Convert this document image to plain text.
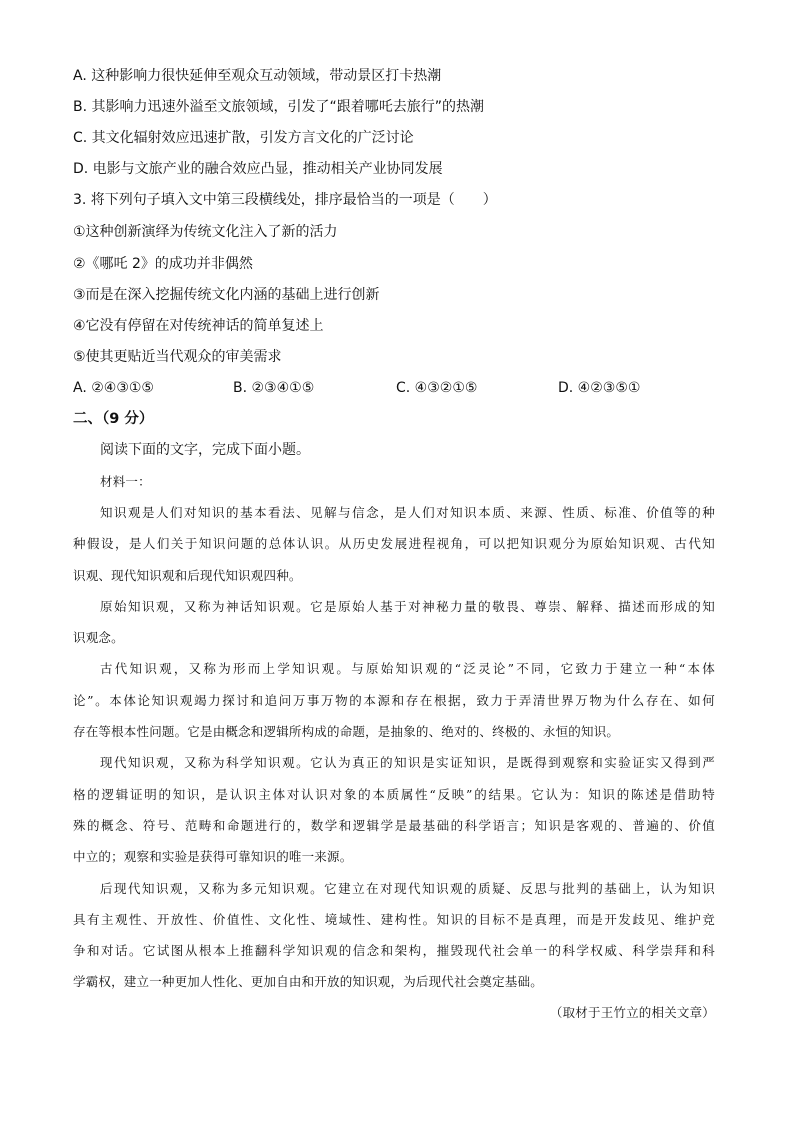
A. 这种影响力很快延伸至观众互动领域，带动景区打卡热潮
B. 其影响力迅速外溢至文旅领域，引发了“跟着哪吒去旅行”的热潮
C. 其文化辐射效应迅速扩散，引发方言文化的广泛讨论
D. 电影与文旅产业的融合效应凸显，推动相关产业协同发展
3. 将下列句子填入文中第三段横线处，排序最恰当的一项是（　　）
①这种创新演绎为传统文化注入了新的活力
②《哪吒 2》的成功并非偶然
③而是在深入挖掘传统文化内涵的基础上进行创新
④它没有停留在对传统神话的简单复述上
⑤使其更贴近当代观众的审美需求
A. ②④③①⑤	B. ②③④①⑤	C. ④③②①⑤	D. ④②③⑤①
二、（9 分）
阅读下面的文字，完成下面小题。
材料一：
知识观是人们对知识的基本看法、见解与信念，是人们对知识本质、来源、性质、标准、价值等的种
种假设，是人们关于知识问题的总体认识。从历史发展进程视角，可以把知识观分为原始知识观、古代知
识观、现代知识观和后现代知识观四种。
原始知识观，又称为神话知识观。它是原始人基于对神秘力量的敬畏、尊崇、解释、描述而形成的知
识观念。
古代知识观，又称为形而上学知识观。与原始知识观的“泛灵论”不同，它致力于建立一种“本体
论”。本体论知识观竭力探讨和追问万事万物的本源和存在根据，致力于弄清世界万物为什么存在、如何
存在等根本性问题。它是由概念和逻辑所构成的命题，是抽象的、绝对的、终极的、永恒的知识。
现代知识观，又称为科学知识观。它认为真正的知识是实证知识，是既得到观察和实验证实又得到严
格的逻辑证明的知识，是认识主体对认识对象的本质属性“反映”的结果。它认为：知识的陈述是借助特
殊的概念、符号、范畴和命题进行的，数学和逻辑学是最基础的科学语言；知识是客观的、普遍的、价值
中立的；观察和实验是获得可靠知识的唯一来源。
后现代知识观，又称为多元知识观。它建立在对现代知识观的质疑、反思与批判的基础上，认为知识
具有主观性、开放性、价值性、文化性、境域性、建构性。知识的目标不是真理，而是开发歧见、维护竞
争和对话。它试图从根本上推翻科学知识观的信念和架构，摧毁现代社会单一的科学权威、科学崇拜和科
学霸权，建立一种更加人性化、更加自由和开放的知识观，为后现代社会奠定基础。
（取材于王竹立的相关文章）
